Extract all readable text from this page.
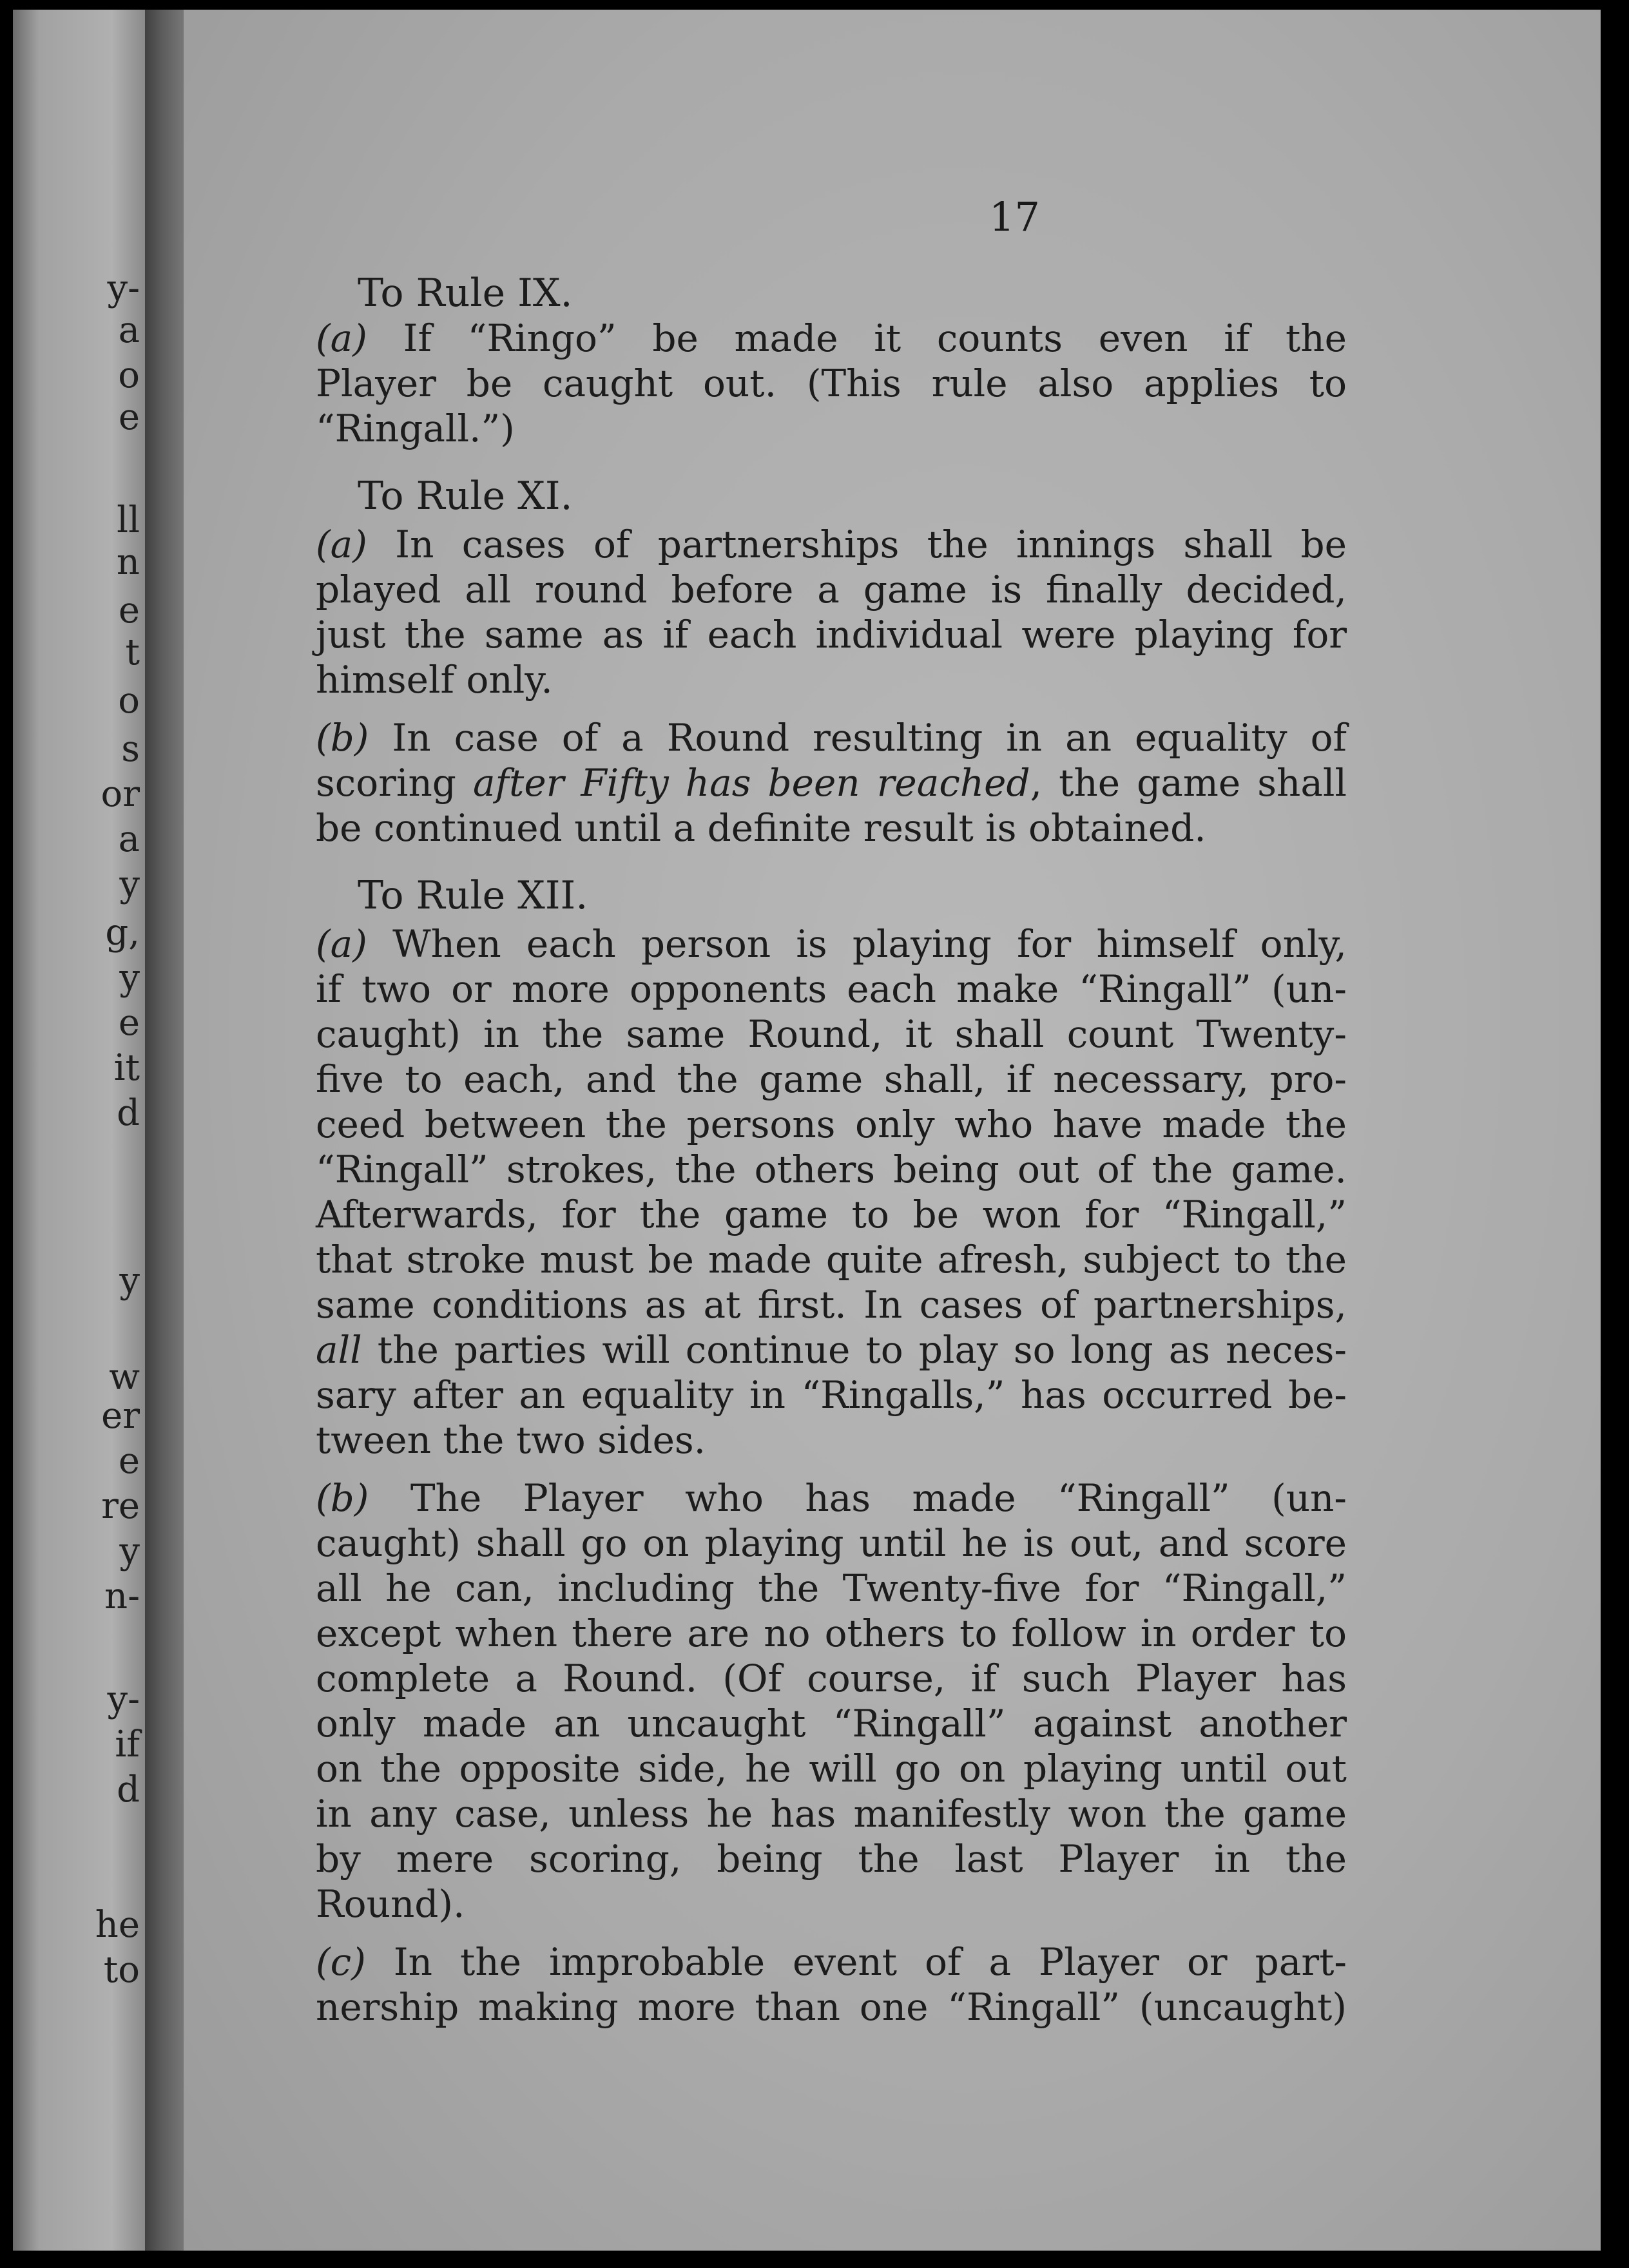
y-
a
o
e
ll
n
e
t
o
s
or
a
y
g,
y
e
it
d
y
w
er
e
re
y
n-
y-
if
d
he
to
17
To Rule IX.
(a) If “Ringo” be made it counts even if the
Player be caught out. (This rule also applies to
“Ringall.”)
To Rule XI.
(a) In cases of partnerships the innings shall be
played all round before a game is finally decided,
just the same as if each individual were playing for
himself only.
(b) In case of a Round resulting in an equality of
scoring after Fifty has been reached, the game shall
be continued until a definite result is obtained.
To Rule XII.
(a) When each person is playing for himself only,
if two or more opponents each make “Ringall” (un-
caught) in the same Round, it shall count Twenty-
five to each, and the game shall, if necessary, pro-
ceed between the persons only who have made the
“Ringall” strokes, the others being out of the game.
Afterwards, for the game to be won for “Ringall,”
that stroke must be made quite afresh, subject to the
same conditions as at first. In cases of partnerships,
all the parties will continue to play so long as neces-
sary after an equality in “Ringalls,” has occurred be-
tween the two sides.
(b) The Player who has made “Ringall” (un-
caught) shall go on playing until he is out, and score
all he can, including the Twenty-five for “Ringall,”
except when there are no others to follow in order to
complete a Round. (Of course, if such Player has
only made an uncaught “Ringall” against another
on the opposite side, he will go on playing until out
in any case, unless he has manifestly won the game
by mere scoring, being the last Player in the
Round).
(c) In the improbable event of a Player or part-
nership making more than one “Ringall” (uncaught)
